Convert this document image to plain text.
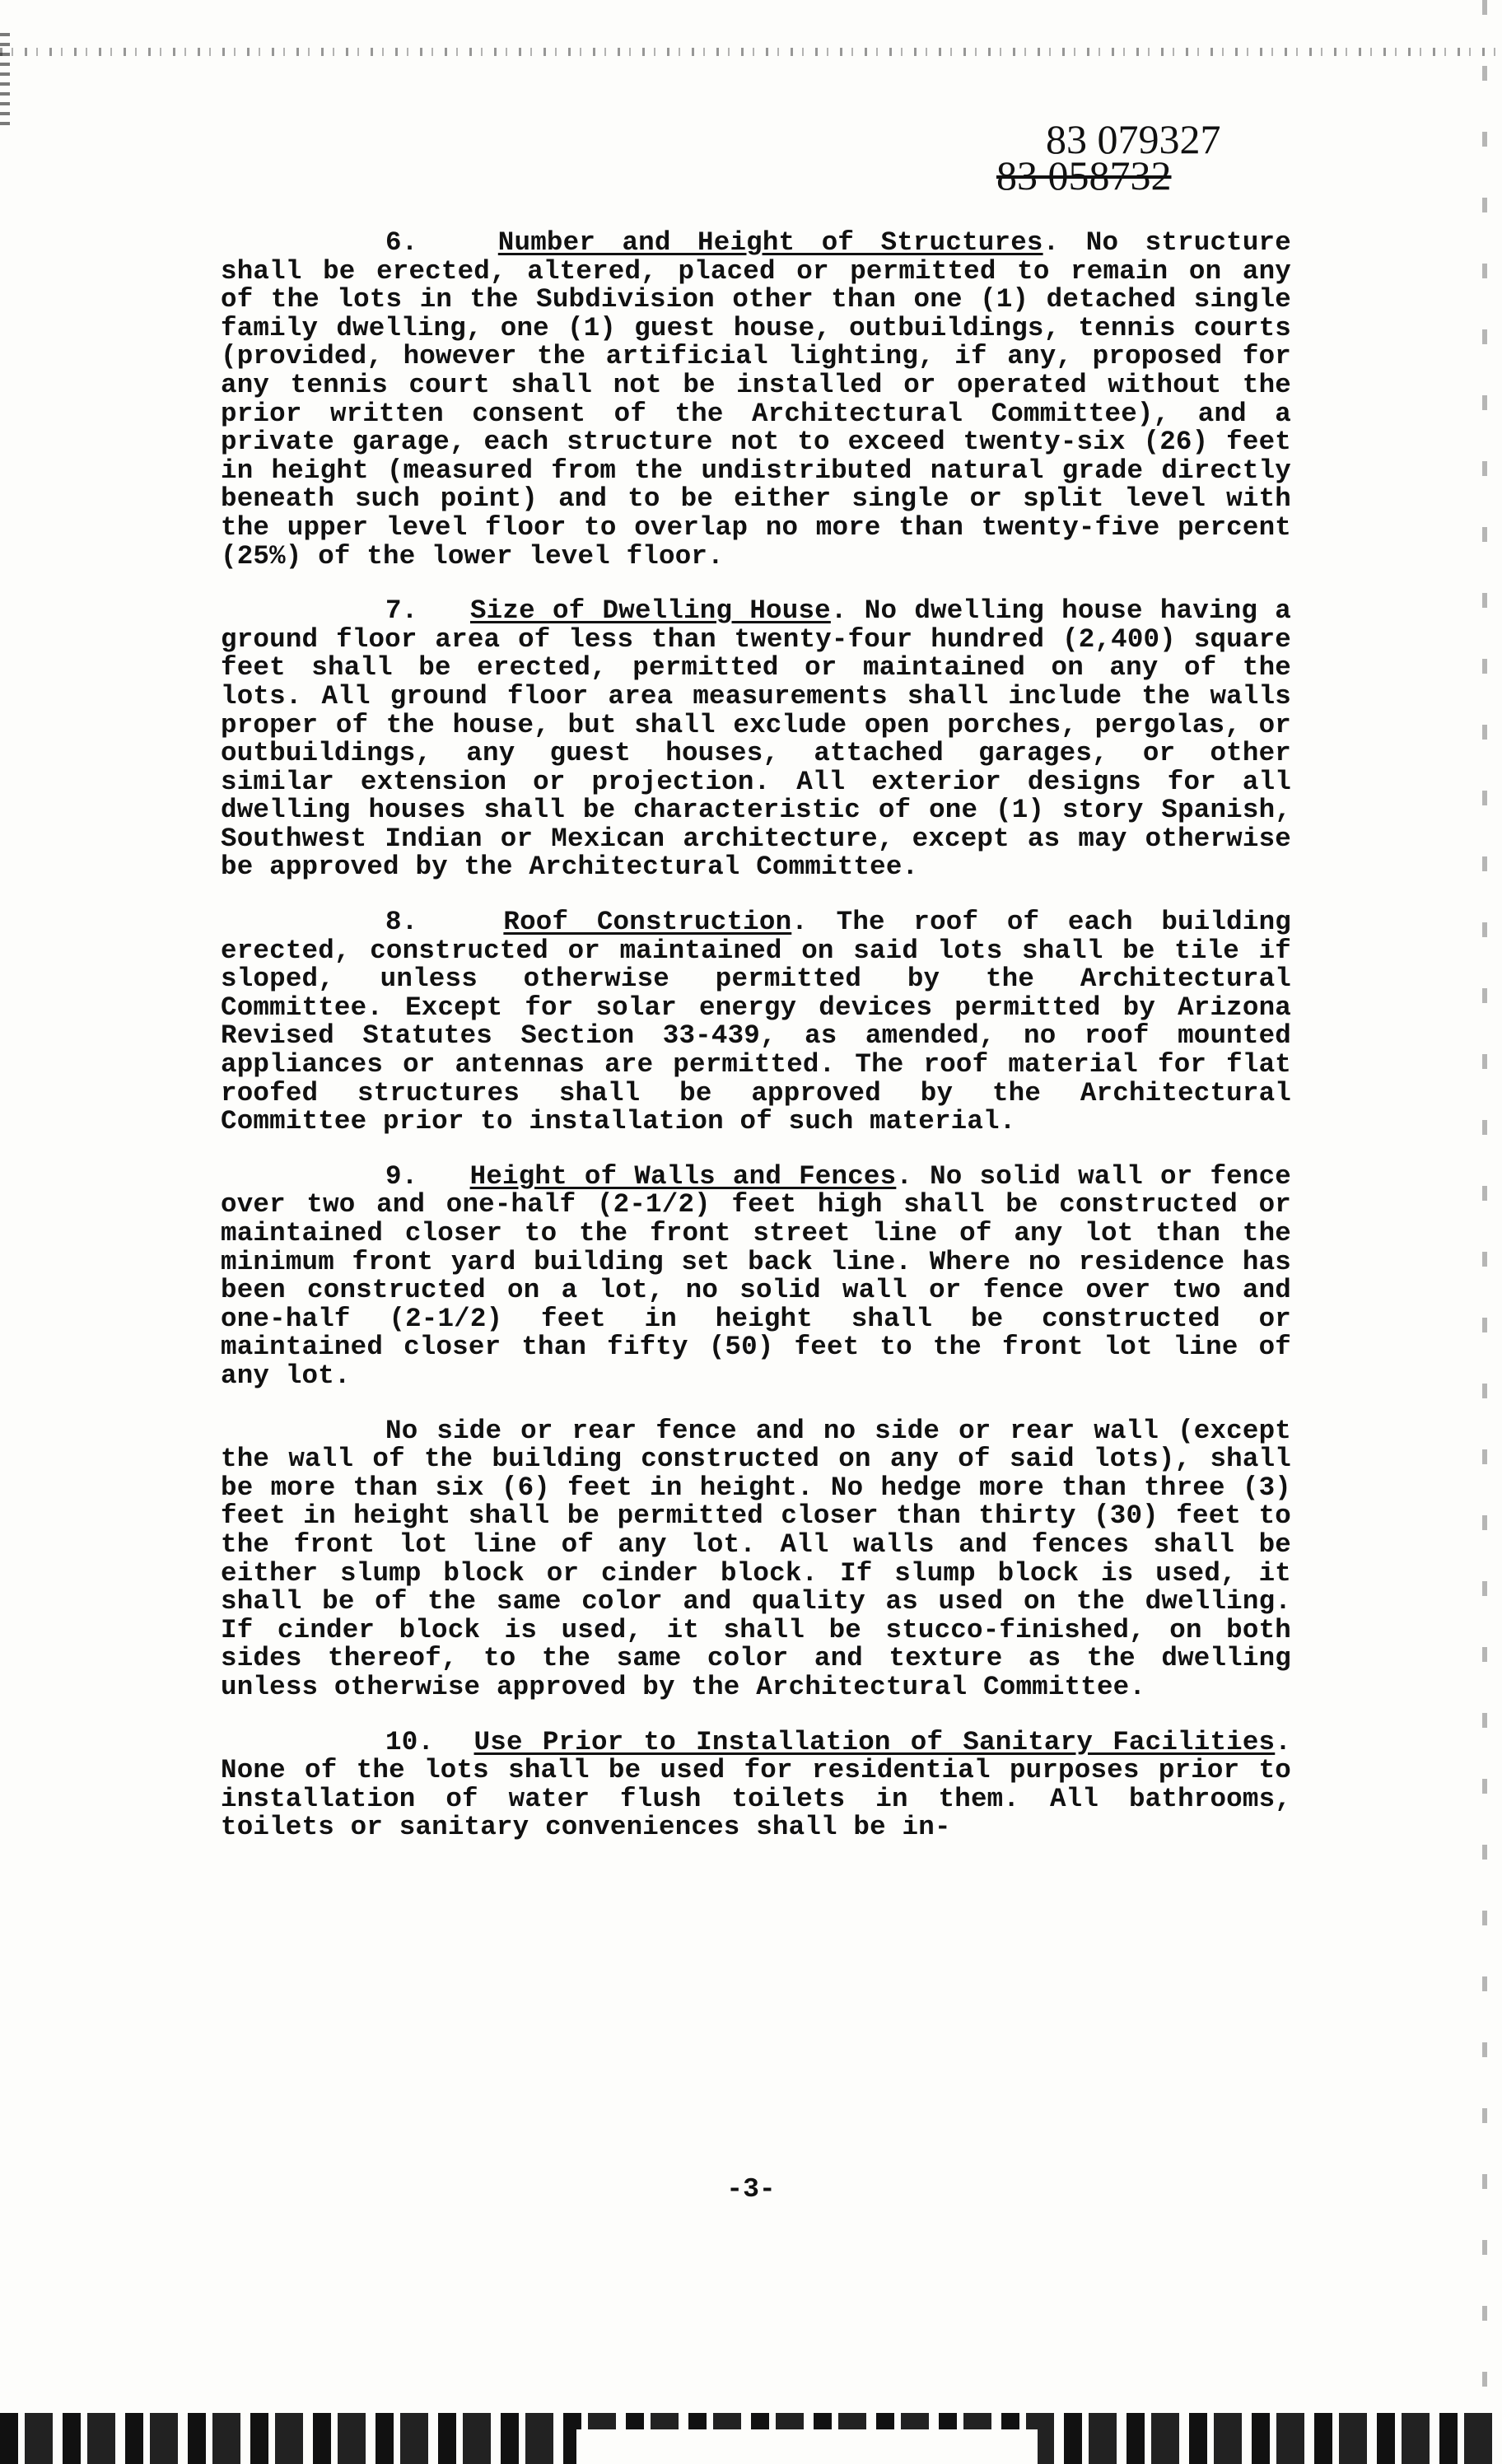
83 079327
83 058732

6.	Number and Height of Structures. No structure shall be erected, altered, placed or permitted to remain on any of the lots in the Subdivision other than one (1) detached single family dwelling, one (1) guest house, outbuildings, tennis courts (provided, however the artificial lighting, if any, proposed for any tennis court shall not be installed or operated without the prior written consent of the Architectural Committee), and a private garage, each structure not to exceed twenty-six (26) feet in height (measured from the undistributed natural grade directly beneath such point) and to be either single or split level with the upper level floor to overlap no more than twenty-five percent (25%) of the lower level floor.

7. Size of Dwelling House. No dwelling house having a ground floor area of less than twenty-four hundred (2,400) square feet shall be erected, permitted or maintained on any of the lots. All ground floor area measurements shall include the walls proper of the house, but shall exclude open porches, pergolas, or outbuildings, any guest houses, attached garages, or other similar extension or projection. All exterior designs for all dwelling houses shall be characteristic of one (1) story Spanish, Southwest Indian or Mexican architecture, except as may otherwise be approved by the Architectural Committee.

8.	Roof Construction. The roof of each building erected, constructed or maintained on said lots shall be tile if sloped, unless otherwise permitted by the Architectural Committee. Except for solar energy devices permitted by Arizona Revised Statutes Section 33-439, as amended, no roof mounted appliances or antennas are permitted. The roof material for flat roofed structures shall be approved by the Architectural Committee prior to installation of such material.

9. Height of Walls and Fences. No solid wall or fence over two and one-half (2-1/2) feet high shall be constructed or maintained closer to the front street line of any lot than the minimum front yard building set back line. Where no residence has been constructed on a lot, no solid wall or fence over two and one-half (2-1/2) feet in height shall be constructed or maintained closer than fifty (50) feet to the front lot line of any lot.

No side or rear fence and no side or rear wall (except the wall of the building constructed on any of said lots), shall be more than six (6) feet in height. No hedge more than three (3) feet in height shall be permitted closer than thirty (30) feet to the front lot line of any lot. All walls and fences shall be either slump block or cinder block. If slump block is used, it shall be of the same color and quality as used on the dwelling. If cinder block is used, it shall be stucco-finished, on both sides thereof, to the same color and texture as the dwelling unless otherwise approved by the Architectural Committee.

10. Use Prior to Installation of Sanitary Facilities. None of the lots shall be used for residential purposes prior to installation of water flush toilets in them. All bathrooms, toilets or sanitary conveniences shall be in-

-3-
